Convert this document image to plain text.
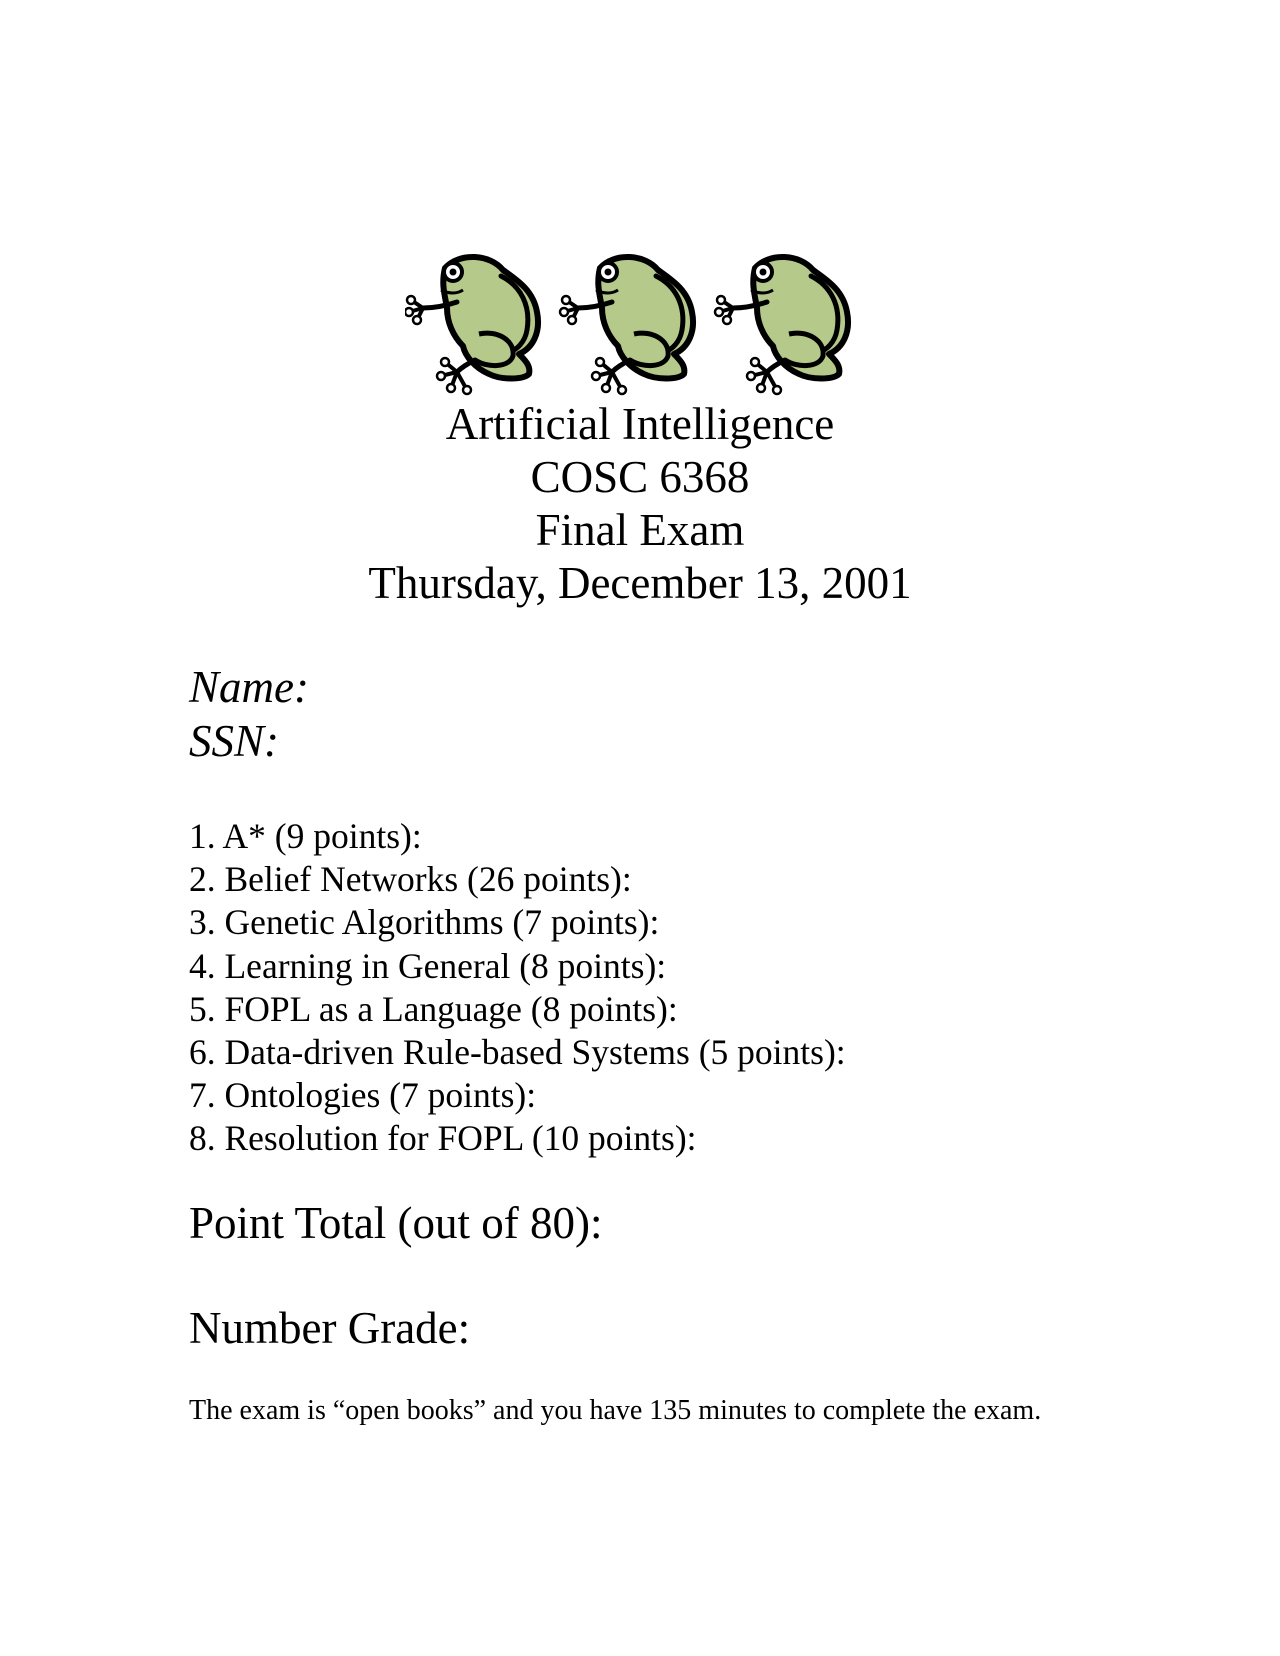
Artificial Intelligence
COSC 6368
Final Exam
Thursday, December 13, 2001
Name:
SSN:
1. A* (9 points):
2. Belief Networks (26 points):
3. Genetic Algorithms (7 points):
4. Learning in General (8 points):
5. FOPL as a Language (8 points):
6. Data-driven Rule-based Systems (5 points):
7. Ontologies (7 points):
8. Resolution for FOPL (10 points):
Point Total (out of 80):
Number Grade:
The exam is “open books” and you have 135 minutes to complete the exam.
